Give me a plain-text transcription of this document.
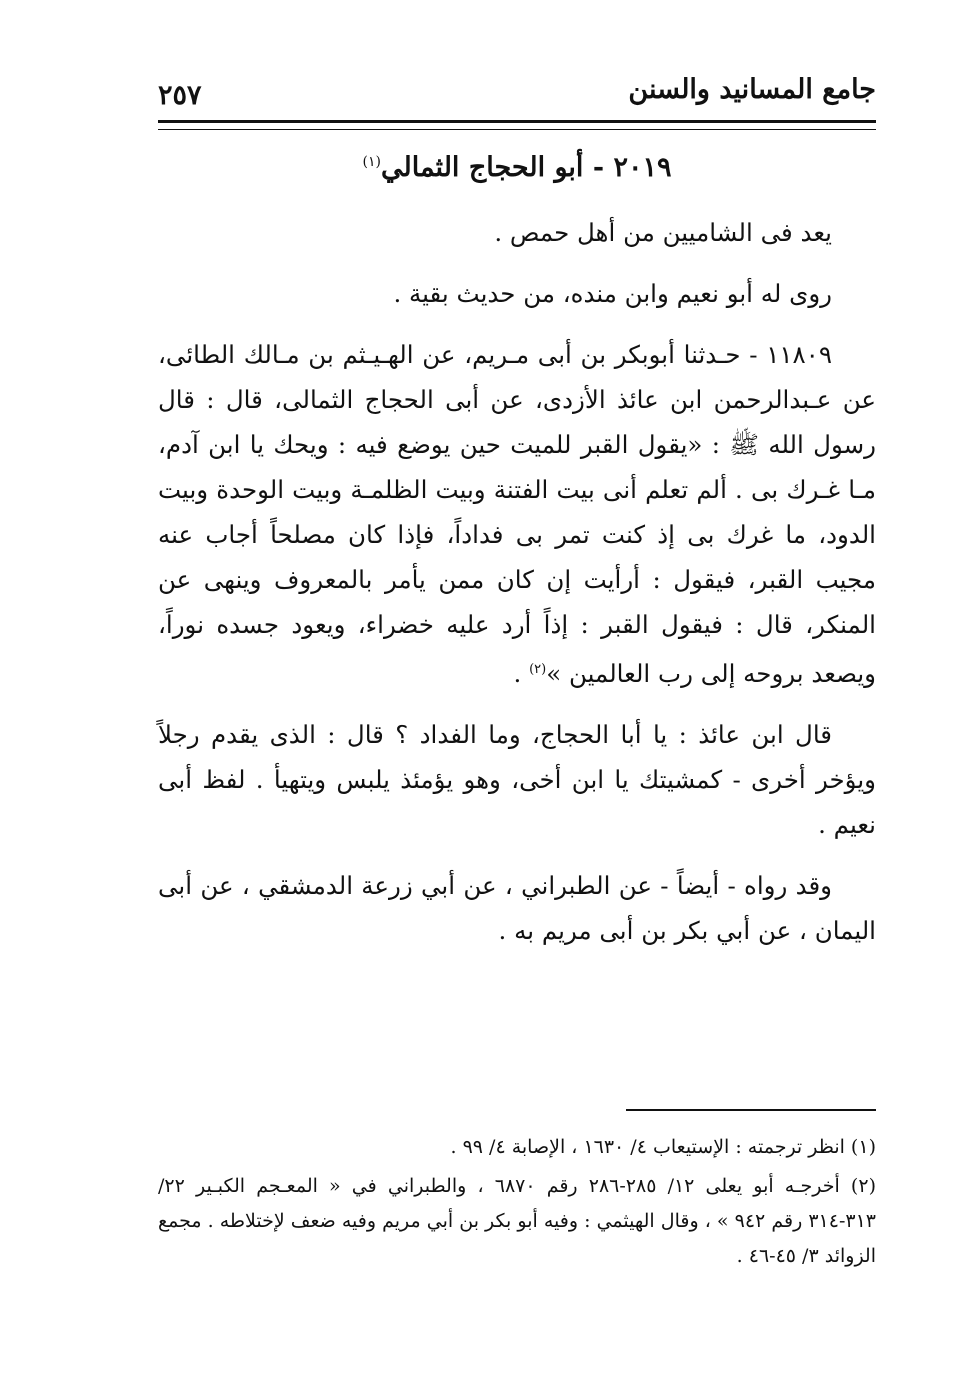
جامع المسانيد والسنن
٢٥٧
٢٠١٩ - أبو الحجاج الثمالي$^{(١)}$

يعد فى الشاميين من أهل حمص .

روى له أبو نعيم وابن منده، من حديث بقية .

١١٨٠٩ - حـدثنا أبوبكر بن أبى مـريم، عن الهـيـثم بن مـالك الطائى، عن عـبدالرحمن ابن عائذ الأزدى، عن أبى الحجاج الثمالى، قال : قال رسول الله ﷺ : «يقول القبر للميت حين يوضع فيه : ويحك يا ابن آدم، مـا غـرك بى . ألم تعلم أنى بيت الفتنة وبيت الظلمـة وبيت الوحدة وبيت الدود، ما غرك بى إذ كنت تمر بى فداداً، فإذا كان مصلحاً أجاب عنه مجيب القبر، فيقول : أرأيت إن كان ممن يأمر بالمعروف وينهى عن المنكر، قال : فيقول القبر : إذاً أرد عليه خضراء، ويعود جسده نوراً، ويصعد بروحه إلى رب العالمين »$^{(٢)}$ .

قال ابن عائذ : يا أبا الحجاج، وما الفداد ؟ قال : الذى يقدم رجلاً ويؤخر أخرى - كمشيتك يا ابن أخى، وهو يؤمئذ يلبس ويتهيأ . لفظ أبى نعيم .

وقد رواه - أيضاً - عن الطبراني ، عن أبي زرعة الدمشقي ، عن أبى اليمان ، عن أبي بكر بن أبى مريم به .

(١) انظر ترجمته : الإستيعاب ٤/ ١٦٣٠ ، الإصابة ٤/ ٩٩ .

(٢) أخرجـه أبو يعلى ١٢/ ٢٨٥-٢٨٦ رقم ٦٨٧٠ ، والطبراني في « المعـجم الكبـير ٢٢/ ٣١٣-٣١٤ رقم ٩٤٢ » ، وقال الهيثمي : وفيه أبو بكر بن أبي مريم وفيه ضعف لإختلاطه . مجمع الزوائد ٣/ ٤٥-٤٦ .
